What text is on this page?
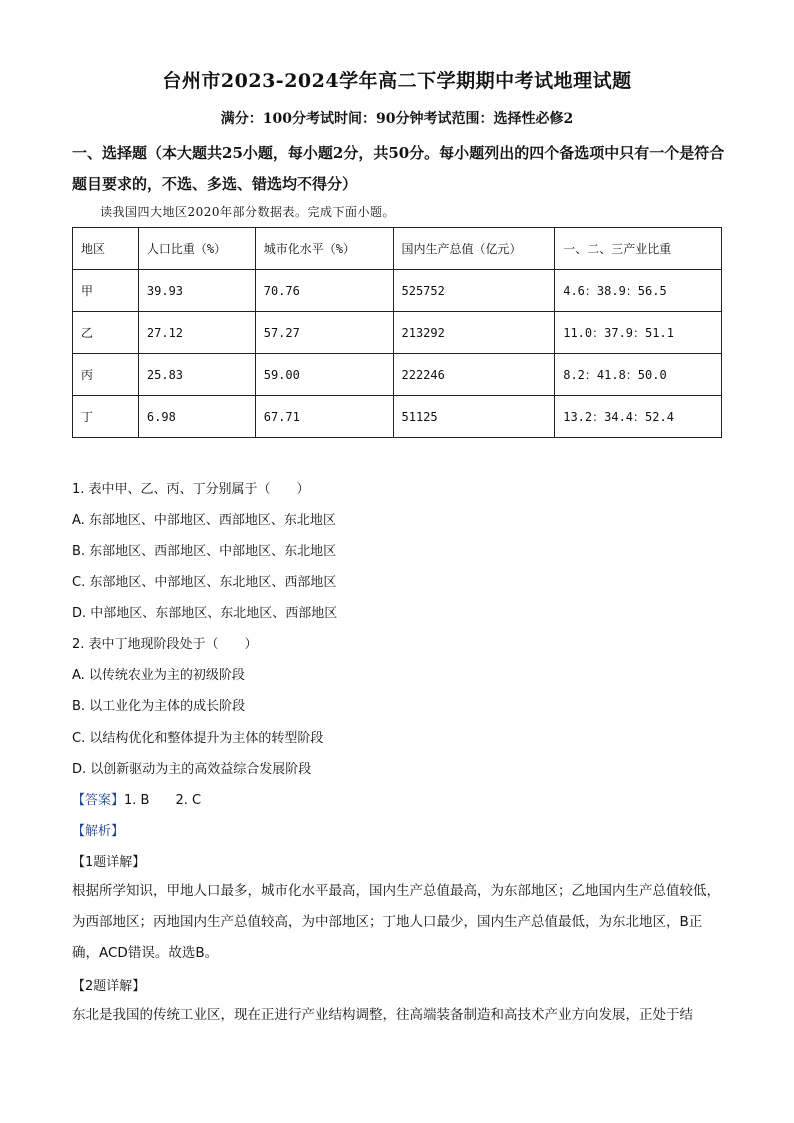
台州市2023-2024学年高二下学期期中考试地理试题
满分：100分考试时间：90分钟考试范围：选择性必修2
一、选择题（本大题共25小题，每小题2分，共50分。每小题列出的四个备选项中只有一个是符合题目要求的，不选、多选、错选均不得分）
读我国四大地区2020年部分数据表。完成下面小题。
地区	人口比重（%）	城市化水平（%）	国内生产总值（亿元）	一、二、三产业比重
甲	39.93	70.76	525752	4.6：38.9：56.5
乙	27.12	57.27	213292	11.0：37.9：51.1
丙	25.83	59.00	222246	8.2：41.8：50.0
丁	6.98	67.71	51125	13.2：34.4：52.4
1. 表中甲、乙、丙、丁分别属于（　　）
A. 东部地区、中部地区、西部地区、东北地区
B. 东部地区、西部地区、中部地区、东北地区
C. 东部地区、中部地区、东北地区、西部地区
D. 中部地区、东部地区、东北地区、西部地区
2. 表中丁地现阶段处于（　　）
A. 以传统农业为主的初级阶段
B. 以工业化为主体的成长阶段
C. 以结构优化和整体提升为主体的转型阶段
D. 以创新驱动为主的高效益综合发展阶段
【答案】1. B　　2. C
【解析】
【1题详解】
根据所学知识，甲地人口最多，城市化水平最高，国内生产总值最高，为东部地区；乙地国内生产总值较低，为西部地区；丙地国内生产总值较高，为中部地区；丁地人口最少，国内生产总值最低，为东北地区，B正确，ACD错误。故选B。
【2题详解】
东北是我国的传统工业区，现在正进行产业结构调整，往高端装备制造和高技术产业方向发展，正处于结
